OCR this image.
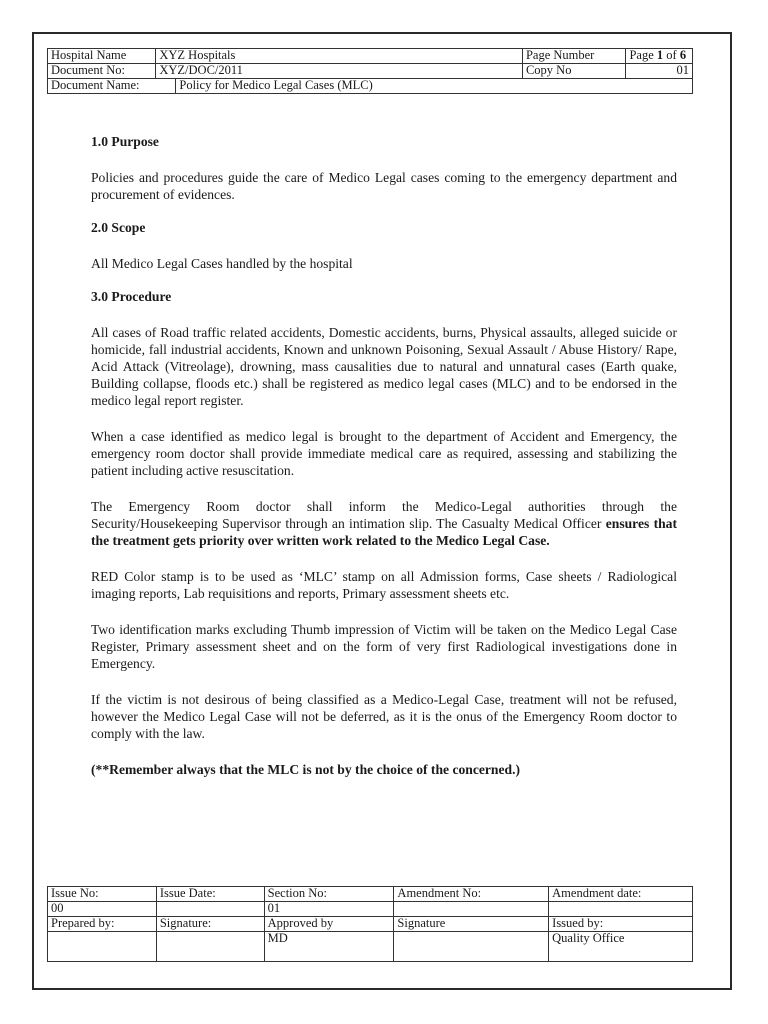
Hospital Name	XYZ Hospitals		Page Number	Page 1 of 6
Document No:	XYZ/DOC/2011		Copy No	01
Document Name:		Policy for Medico Legal Cases (MLC)		
1.0 Purpose

Policies and procedures guide the care of Medico Legal cases coming to the emergency department and procurement of evidences.

2.0 Scope

All Medico Legal Cases handled by the hospital

3.0 Procedure

All cases of Road traffic related accidents, Domestic accidents, burns, Physical assaults, alleged suicide or homicide, fall industrial accidents, Known and unknown Poisoning, Sexual Assault / Abuse History/ Rape, Acid Attack (Vitreolage), drowning, mass causalities due to natural and unnatural cases (Earth quake, Building collapse, floods etc.) shall be registered as medico legal cases (MLC) and to be endorsed in the medico legal report register.

When a case identified as medico legal is brought to the department of Accident and Emergency, the emergency room doctor shall provide immediate medical care as required, assessing and stabilizing the patient including active resuscitation.

The Emergency Room doctor shall inform the Medico-Legal authorities through the Security/Housekeeping Supervisor through an intimation slip. The Casualty Medical Officer ensures that the treatment gets priority over written work related to the Medico Legal Case.

RED Color stamp is to be used as ‘MLC’ stamp on all Admission forms, Case sheets / Radiological imaging reports, Lab requisitions and reports, Primary assessment sheets etc.

Two identification marks excluding Thumb impression of Victim will be taken on the Medico Legal Case Register, Primary assessment sheet and on the form of very first Radiological investigations done in Emergency.

If the victim is not desirous of being classified as a Medico-Legal Case, treatment will not be refused, however the Medico Legal Case will not be deferred, as it is the onus of the Emergency Room doctor to comply with the law.

(**Remember always that the MLC is not by the choice of the concerned.)

Issue No:	Issue Date:	Section No:	Amendment No:	Amendment date:
00		01		
Prepared by:	Signature:	Approved by	Signature	Issued by:
		MD		Quality Office
